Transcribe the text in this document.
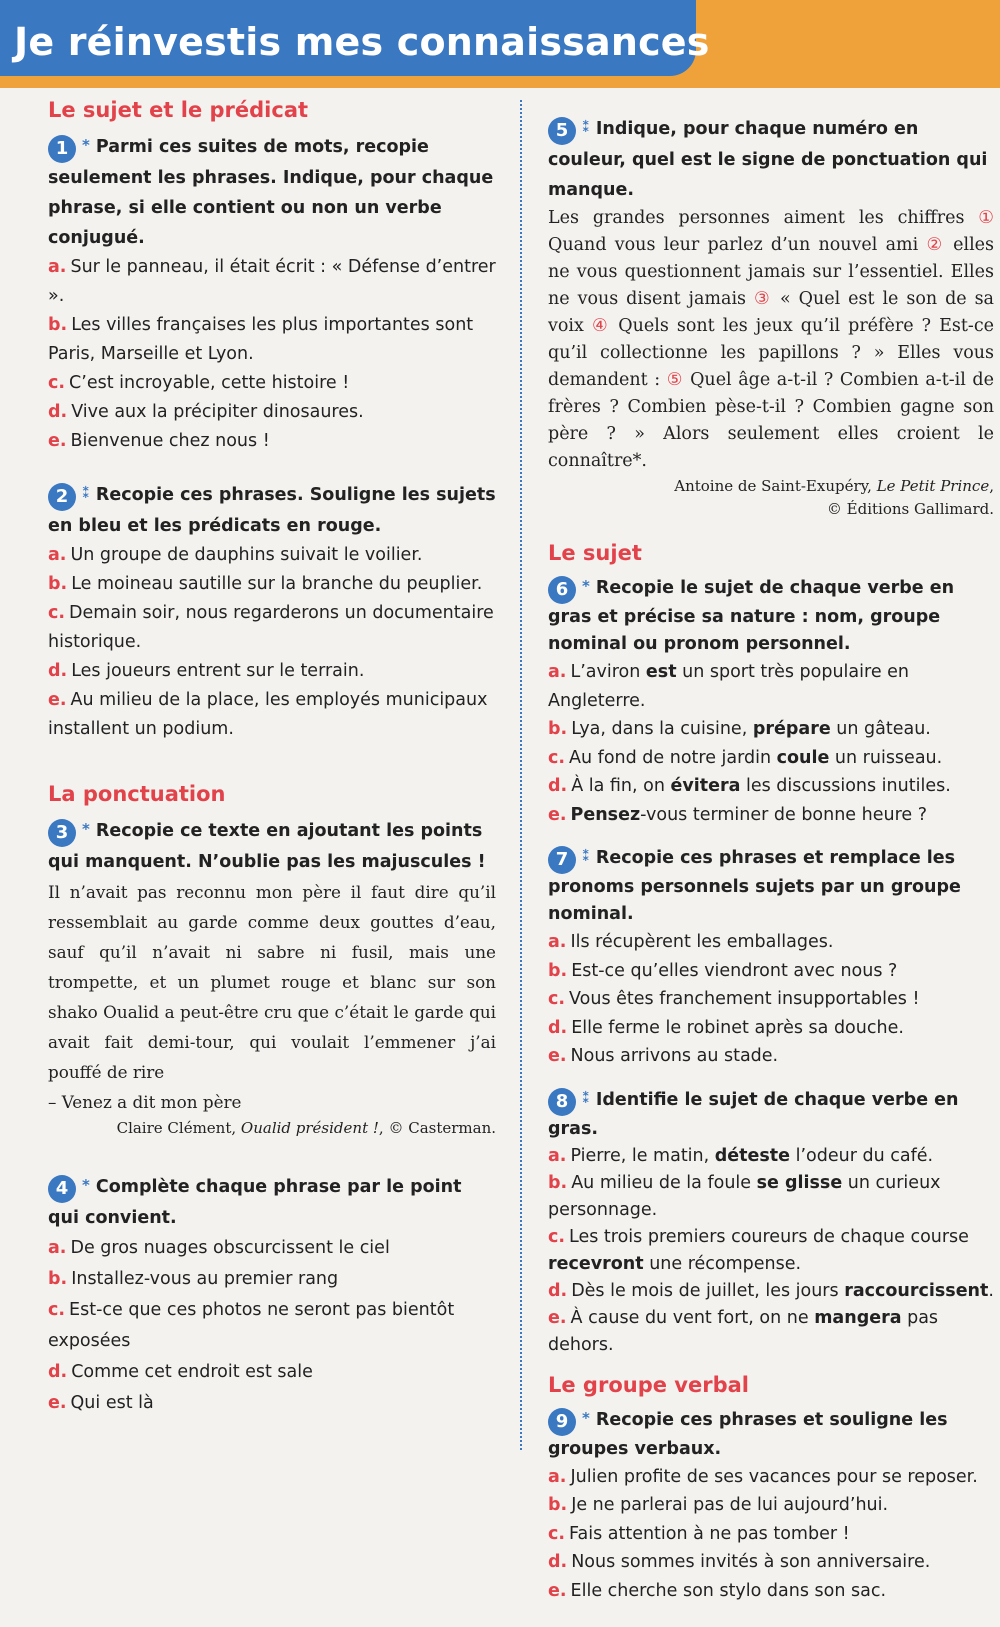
Je réinvestis mes connaissances
Le sujet et le prédicat
1 * Parmi ces suites de mots, recopie seulement les phrases. Indique, pour chaque phrase, si elle contient ou non un verbe conjugué.
a. Sur le panneau, il était écrit : « Défense d’entrer ».
b. Les villes françaises les plus importantes sont Paris, Marseille et Lyon.
c. C’est incroyable, cette histoire !
d. Vive aux la précipiter dinosaures.
e. Bienvenue chez nous !
2 ⁑ Recopie ces phrases. Souligne les sujets en bleu et les prédicats en rouge.
a. Un groupe de dauphins suivait le voilier.
b. Le moineau sautille sur la branche du peuplier.
c. Demain soir, nous regarderons un documentaire historique.
d. Les joueurs entrent sur le terrain.
e. Au milieu de la place, les employés municipaux installent un podium.
La ponctuation
3 * Recopie ce texte en ajoutant les points qui manquent. N’oublie pas les majuscules !
Il n’avait pas reconnu mon père il faut dire qu’il ressemblait au garde comme deux gouttes d’eau, sauf qu’il n’avait ni sabre ni fusil, mais une trompette, et un plumet rouge et blanc sur son shako Oualid a peut-être cru que c’était le garde qui avait fait demi-tour, qui voulait l’emmener j’ai pouffé de rire
– Venez a dit mon père
Claire Clément, Oualid président !, © Casterman.
4 * Complète chaque phrase par le point qui convient.
a. De gros nuages obscurcissent le ciel
b. Installez-vous au premier rang
c. Est-ce que ces photos ne seront pas bientôt exposées
d. Comme cet endroit est sale
e. Qui est là
5 ⁑ Indique, pour chaque numéro en couleur, quel est le signe de ponctuation qui manque.
Les grandes personnes aiment les chiffres ① Quand vous leur parlez d’un nouvel ami ② elles ne vous questionnent jamais sur l’essentiel. Elles ne vous disent jamais ③ « Quel est le son de sa voix ④ Quels sont les jeux qu’il préfère ? Est-ce qu’il collectionne les papillons ? » Elles vous demandent : ⑤ Quel âge a-t-il ? Combien a-t-il de frères ? Combien pèse-t-il ? Combien gagne son père ? » Alors seulement elles croient le connaître*.
Antoine de Saint-Exupéry, Le Petit Prince,
© Éditions Gallimard.
Le sujet
6 * Recopie le sujet de chaque verbe en gras et précise sa nature : nom, groupe nominal ou pronom personnel.
a. L’aviron est un sport très populaire en Angleterre.
b. Lya, dans la cuisine, prépare un gâteau.
c. Au fond de notre jardin coule un ruisseau.
d. À la fin, on évitera les discussions inutiles.
e. Pensez-vous terminer de bonne heure ?
7 ⁑ Recopie ces phrases et remplace les pronoms personnels sujets par un groupe nominal.
a. Ils récupèrent les emballages.
b. Est-ce qu’elles viendront avec nous ?
c. Vous êtes franchement insupportables !
d. Elle ferme le robinet après sa douche.
e. Nous arrivons au stade.
8 ⁑ Identifie le sujet de chaque verbe en gras.
a. Pierre, le matin, déteste l’odeur du café.
b. Au milieu de la foule se glisse un curieux personnage.
c. Les trois premiers coureurs de chaque course recevront une récompense.
d. Dès le mois de juillet, les jours raccourcissent.
e. À cause du vent fort, on ne mangera pas dehors.
Le groupe verbal
9 * Recopie ces phrases et souligne les groupes verbaux.
a. Julien profite de ses vacances pour se reposer.
b. Je ne parlerai pas de lui aujourd’hui.
c. Fais attention à ne pas tomber !
d. Nous sommes invités à son anniversaire.
e. Elle cherche son stylo dans son sac.
